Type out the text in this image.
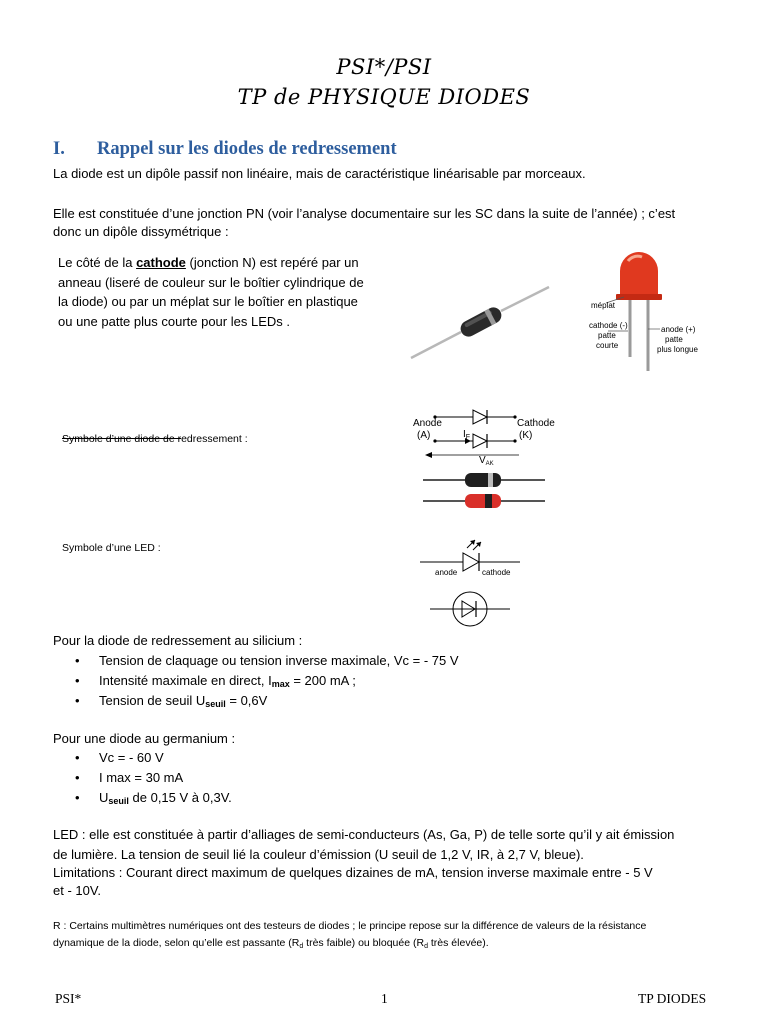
PSI*/PSI
TP de PHYSIQUE DIODES
I. Rappel sur les diodes de redressement
La diode est un dipôle passif non linéaire, mais de caractéristique linéarisable par morceaux.
Elle est constituée d’une jonction PN (voir l’analyse documentaire sur les SC dans la suite de l’année) ; c’est
donc un dipôle dissymétrique :
Le côté de la cathode (jonction N) est repéré par un
anneau (liseré de couleur sur le boîtier cylindrique de
la diode) ou par un méplat sur le boîtier en plastique
ou une patte plus courte pour les LEDs .
méplat
cathode (-)
patte
courte
anode (+)
patte
plus longue
Symbole d’une diode de redressement :
Anode
(A)
Cathode
(K)
$I_F$
$V_{AK}$
Symbole d’une LED :
anode	cathode
Pour la diode de redressement au silicium :
• Tension de claquage ou tension inverse maximale, Vc = - 75 V
• Intensité maximale en direct, $I_{max} = 200$ mA ;
• Tension de seuil $U_{seuil} = 0,6V$
Pour une diode au germanium :
• Vc = - 60 V
• I max = 30 mA
• $U_{seuil}$ de 0,15 V à 0,3V.
LED : elle est constituée à partir d’alliages de semi-conducteurs (As, Ga, P) de telle sorte qu’il y ait émission
de lumière. La tension de seuil lié la couleur d’émission (U seuil de 1,2 V, IR, à 2,7 V, bleue).
Limitations : Courant direct maximum de quelques dizaines de mA, tension inverse maximale entre - 5 V
et - 10V.
R : Certains multimètres numériques ont des testeurs de diodes ; le principe repose sur la différence de valeurs de la résistance
dynamique de la diode, selon qu’elle est passante ($R_d$ très faible) ou bloquée ($R_d$ très élevée).
PSI*	1	TP DIODES
